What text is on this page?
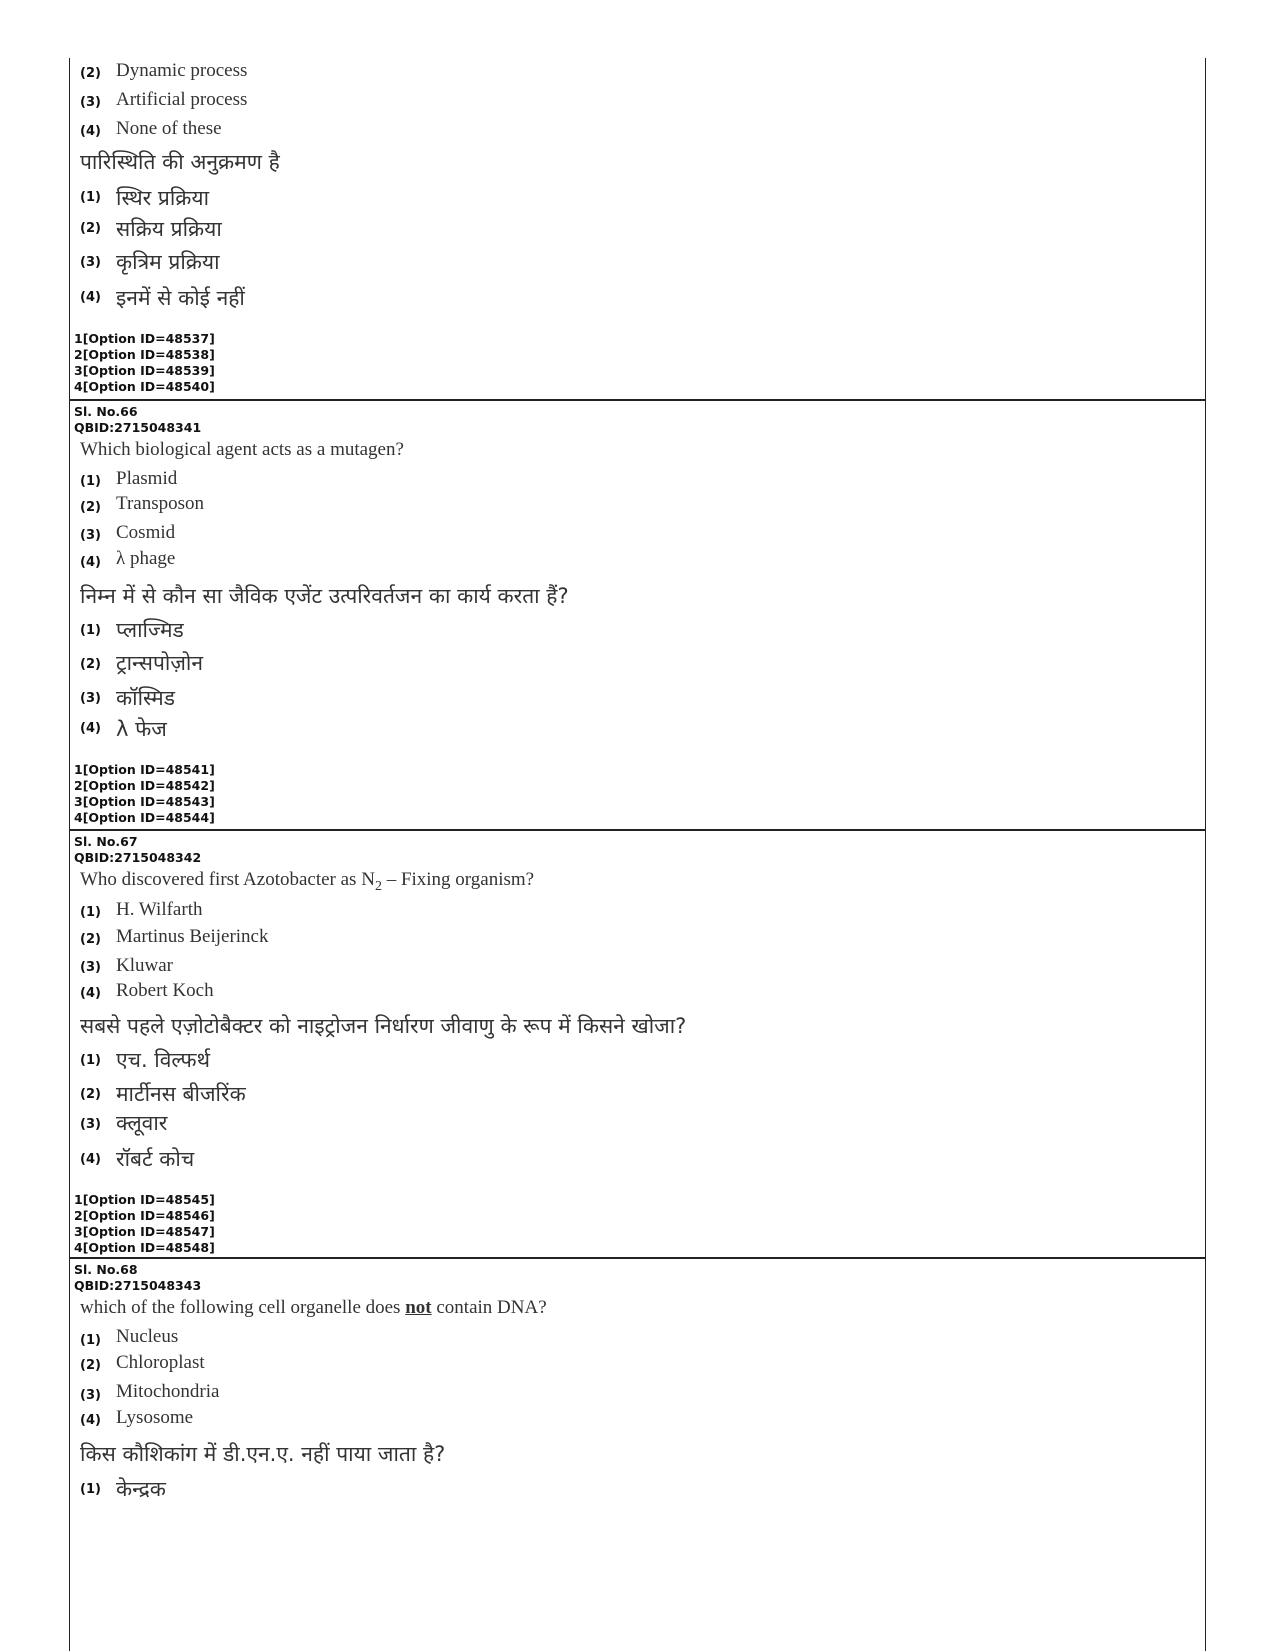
(2) Dynamic process
(3) Artificial process
(4) None of these
पारिस्थिति की अनुक्रमण है
(1) स्थिर प्रक्रिया
(2) सक्रिय प्रक्रिया
(3) कृत्रिम प्रक्रिया
(4) इनमें से कोई नहीं
1[Option ID=48537]
2[Option ID=48538]
3[Option ID=48539]
4[Option ID=48540]
Sl. No.66
QBID:2715048341
Which biological agent acts as a mutagen?
(1) Plasmid
(2) Transposon
(3) Cosmid
(4) λ phage
निम्न में से कौन सा जैविक एजेंट उत्परिवर्तजन का कार्य करता हैं?
(1) प्लाज्मिड
(2) ट्रान्सपोज़ोन
(3) कॉस्मिड
(4) λ फेज
1[Option ID=48541]
2[Option ID=48542]
3[Option ID=48543]
4[Option ID=48544]
Sl. No.67
QBID:2715048342
Who discovered first Azotobacter as $N_2$ – Fixing organism?
(1) H. Wilfarth
(2) Martinus Beijerinck
(3) Kluwar
(4) Robert Koch
सबसे पहले एज़ोटोबैक्टर को नाइट्रोजन निर्धारण जीवाणु के रूप में किसने खोजा?
(1) एच. विल्फर्थ
(2) मार्टीनस बीजरिंक
(3) क्लूवार
(4) रॉबर्ट कोच
1[Option ID=48545]
2[Option ID=48546]
3[Option ID=48547]
4[Option ID=48548]
Sl. No.68
QBID:2715048343
which of the following cell organelle does not contain DNA?
(1) Nucleus
(2) Chloroplast
(3) Mitochondria
(4) Lysosome
किस कौशिकांग में डी.एन.ए. नहीं पाया जाता है?
(1) केन्द्रक
